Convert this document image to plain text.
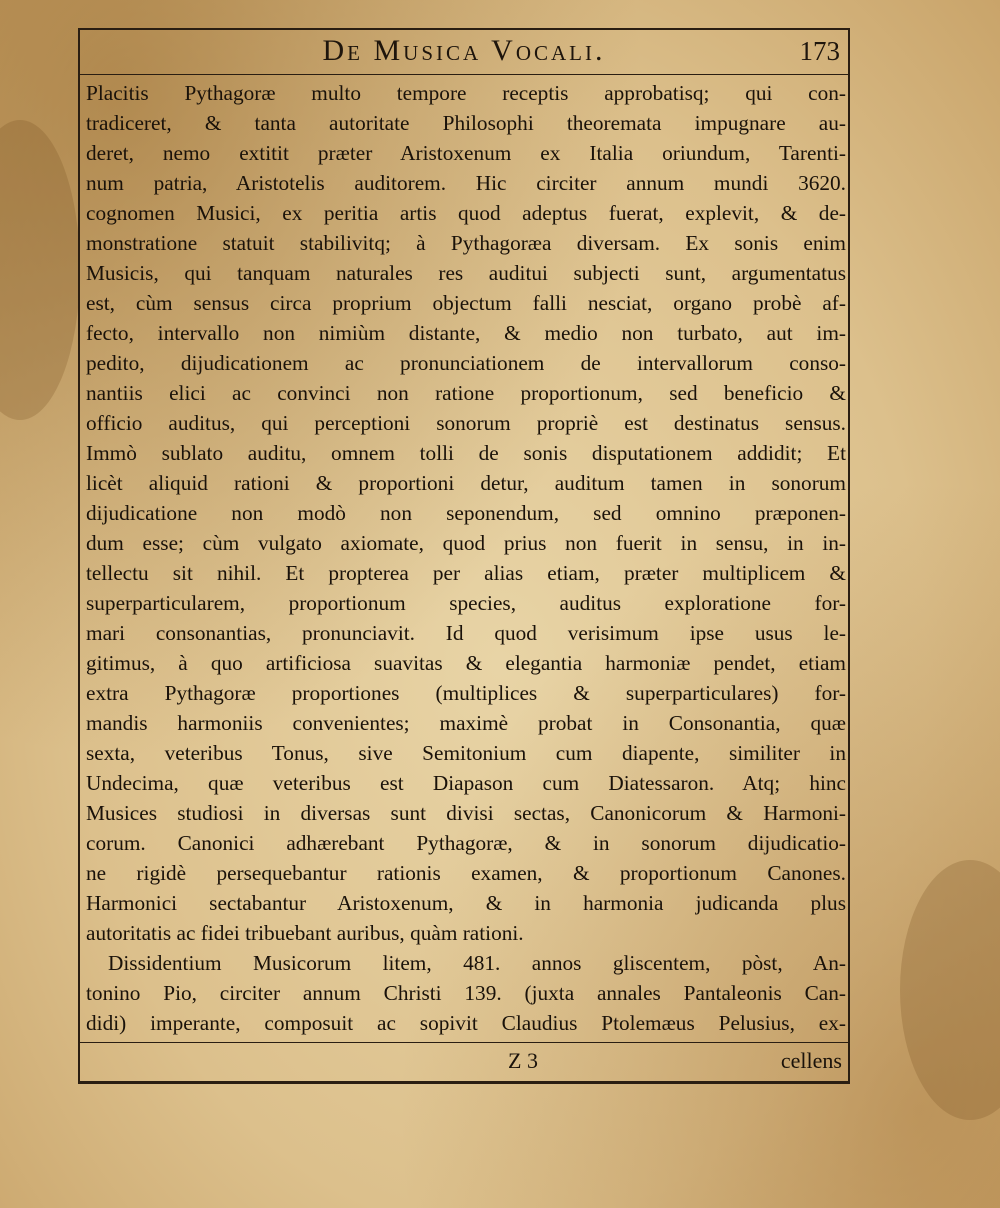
De Musica Vocali.	173
Placitis Pythagoræ multo tempore receptis approbatisq; qui con-
tradiceret, & tanta autoritate Philosophi theoremata impugnare au-
deret, nemo extitit præter Aristoxenum ex Italia oriundum, Tarenti-
num patria, Aristotelis auditorem. Hic circiter annum mundi 3620.
cognomen Musici, ex peritia artis quod adeptus fuerat, explevit, & de-
monstratione statuit stabilivitq; à Pythagoræa diversam. Ex sonis enim
Musicis, qui tanquam naturales res auditui subjecti sunt, argumentatus
est, cùm sensus circa proprium objectum falli nesciat, organo probè af-
fecto, intervallo non nimiùm distante, & medio non turbato, aut im-
pedito, dijudicationem ac pronunciationem de intervallorum conso-
nantiis elici ac convinci non ratione proportionum, sed beneficio &
officio auditus, qui perceptioni sonorum propriè est destinatus sensus.
Immò sublato auditu, omnem tolli de sonis disputationem addidit; Et
licèt aliquid rationi & proportioni detur, auditum tamen in sonorum
dijudicatione non modò non seponendum, sed omnino præponen-
dum esse; cùm vulgato axiomate, quod prius non fuerit in sensu, in in-
tellectu sit nihil. Et propterea per alias etiam, præter multiplicem &
superparticularem, proportionum species, auditus exploratione for-
mari consonantias, pronunciavit. Id quod verisimum ipse usus le-
gitimus, à quo artificiosa suavitas & elegantia harmoniæ pendet, etiam
extra Pythagoræ proportiones (multiplices & superparticulares) for-
mandis harmoniis convenientes; maximè probat in Consonantia, quæ
sexta, veteribus Tonus, sive Semitonium cum diapente, similiter in
Undecima, quæ veteribus est Diapason cum Diatessaron. Atq; hinc
Musices studiosi in diversas sunt divisi sectas, Canonicorum & Harmoni-
corum. Canonici adhærebant Pythagoræ, & in sonorum dijudicatio-
ne rigidè persequebantur rationis examen, & proportionum Canones.
Harmonici sectabantur Aristoxenum, & in harmonia judicanda plus
autoritatis ac fidei tribuebant auribus, quàm rationi.
Dissidentium Musicorum litem, 481. annos gliscentem, pòst, An-
tonino Pio, circiter annum Christi 139. (juxta annales Pantaleonis Can-
didi) imperante, composuit ac sopivit Claudius Ptolemæus Pelusius, ex-
Z 3	cellens
